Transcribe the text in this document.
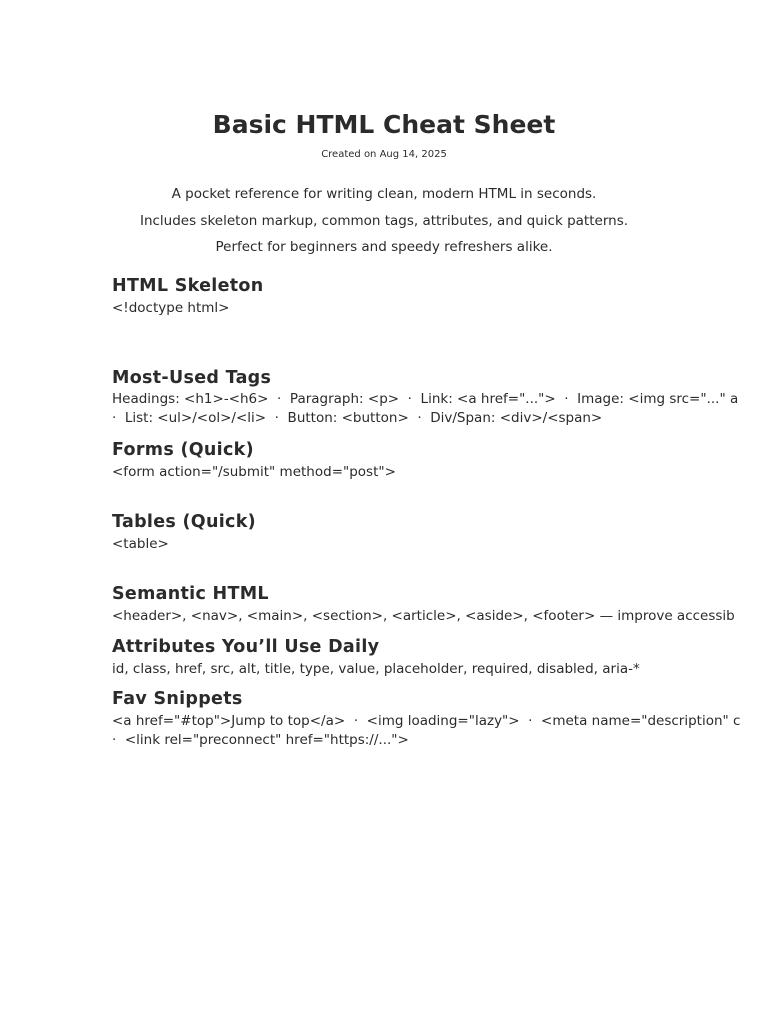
Basic HTML Cheat Sheet
Created on Aug 14, 2025

A pocket reference for writing clean, modern HTML in seconds.

Includes skeleton markup, common tags, attributes, and quick patterns.

Perfect for beginners and speedy refreshers alike.

HTML Skeleton
<!doctype html>
Most-Used Tags
Headings: <h1>-<h6>  ·  Paragraph: <p>  ·  Link: <a href="...">  ·  Image: <img src="..." a
·  List: <ul>/<ol>/<li>  ·  Button: <button>  ·  Div/Span: <div>/<span>
Forms (Quick)
<form action="/submit" method="post">
Tables (Quick)
<table>
Semantic HTML
<header>, <nav>, <main>, <section>, <article>, <aside>, <footer> — improve accessib
Attributes You’ll Use Daily
id, class, href, src, alt, title, type, value, placeholder, required, disabled, aria-*
Fav Snippets
<a href="#top">Jump to top</a>  ·  <img loading="lazy">  ·  <meta name="description" c
·  <link rel="preconnect" href="https://...">
